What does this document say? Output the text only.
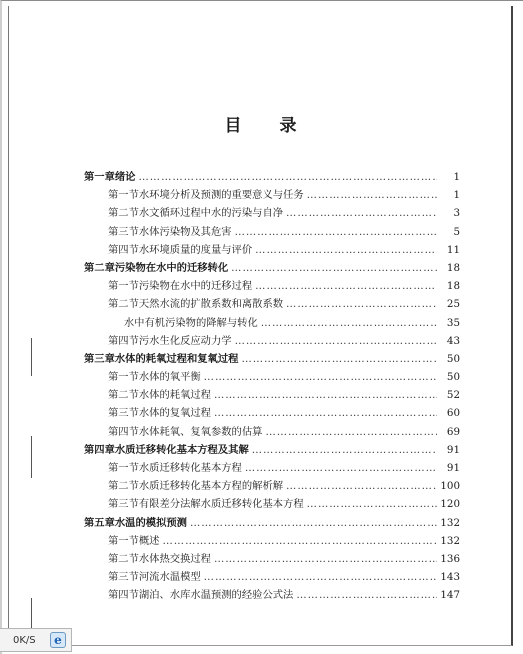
目 录
第一章 绪论 ……………………………………………………………………………………………………………………………………………	1
第一节 水环境分析及预测的重要意义与任务 ……………………………………………………………………………………………………………………………………………	1
第二节 水文循环过程中水的污染与自净 ……………………………………………………………………………………………………………………………………………	3
第三节 水体污染物及其危害 ……………………………………………………………………………………………………………………………………………	5
第四节 水环境质量的度量与评价 ……………………………………………………………………………………………………………………………………………	11
第二章 污染物在水中的迁移转化 ……………………………………………………………………………………………………………………………………………	18
第一节 污染物在水中的迁移过程 ……………………………………………………………………………………………………………………………………………	18
第二节 天然水流的扩散系数和离散系数 ……………………………………………………………………………………………………………………………………………	25
水中有机污染物的降解与转化 ……………………………………………………………………………………………………………………………………………	35
第四节 污水生化反应动力学 ……………………………………………………………………………………………………………………………………………	43
第三章 水体的耗氧过程和复氧过程 ……………………………………………………………………………………………………………………………………………	50
第一节 水体的氧平衡 ……………………………………………………………………………………………………………………………………………	50
第二节 水体的耗氧过程 ……………………………………………………………………………………………………………………………………………	52
第三节 水体的复氧过程 ……………………………………………………………………………………………………………………………………………	60
第四节 水体耗氧、复氧参数的估算 ……………………………………………………………………………………………………………………………………………	69
第四章 水质迁移转化基本方程及其解 ……………………………………………………………………………………………………………………………………………	91
第一节 水质迁移转化基本方程 ……………………………………………………………………………………………………………………………………………	91
第二节 水质迁移转化基本方程的解析解 ……………………………………………………………………………………………………………………………………………	100
第三节 有限差分法解水质迁移转化基本方程 ……………………………………………………………………………………………………………………………………………	120
第五章 水温的模拟预测 ……………………………………………………………………………………………………………………………………………	132
第一节 概述 ……………………………………………………………………………………………………………………………………………	132
第二节 水体热交换过程 ……………………………………………………………………………………………………………………………………………	136
第三节 河流水温模型 ……………………………………………………………………………………………………………………………………………	143
第四节 湖泊、水库水温预测的经验公式法 ……………………………………………………………………………………………………………………………………………	147
0K/S	e
